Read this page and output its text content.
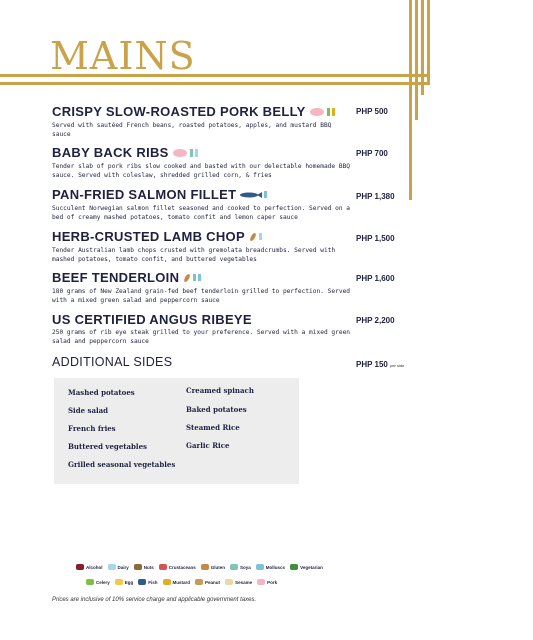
MAINS
CRISPY SLOW-ROASTED PORK BELLY
Served with sautéed French beans, roasted potatoes, apples, and mustard BBQ sauce
PHP 500
BABY BACK RIBS
Tender slab of pork ribs slow cooked and basted with our delectable homemade BBQ sauce. Served with coleslaw, shredded grilled corn, & fries
PHP 700
PAN-FRIED SALMON FILLET
Succulent Norwegian salmon fillet seasoned and cooked to perfection. Served on a bed of creamy mashed potatoes, tomato confit and lemon caper sauce
PHP 1,380
HERB-CRUSTED LAMB CHOP
Tender Australian lamb chops crusted with gremolata breadcrumbs. Served with mashed potatoes, tomato confit, and buttered vegetables
PHP 1,500
BEEF TENDERLOIN
180 grams of New Zealand grain-fed beef tenderloin grilled to perfection. Served with a mixed green salad and peppercorn sauce
PHP 1,600
US CERTIFIED ANGUS RIBEYE
250 grams of rib eye steak grilled to your preference. Served with a mixed green salad and peppercorn sauce
PHP 2,200
ADDITIONAL SIDES	PHP 150 per side
Mashed potatoes	Creamed spinach
Side salad	Baked potatoes
French fries	Steamed Rice
Buttered vegetables	Garlic Rice
Grilled seasonal vegetables
Alcohol	Dairy	Nuts	Crustaceans	Gluten	Soya	Molluscs	Vegetarian
Celery	Egg	Fish	Mustard	Peanut	Sesame	Pork
Prices are inclusive of 10% service charge and applicable government taxes.
